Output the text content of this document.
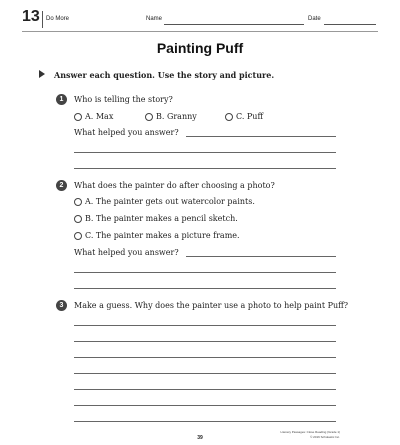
13	Do More	Name	Date
Painting Puff
Answer each question. Use the story and picture.
1	Who is telling the story?
A. Max	B. Granny	C. Puff
What helped you answer?
2	What does the painter do after choosing a photo?
A. The painter gets out watercolor paints.
B. The painter makes a pencil sketch.
C. The painter makes a picture frame.
What helped you answer?
3	Make a guess. Why does the painter use a photo to help paint Puff?
39
Literacy Passages: Close Reading (Grade 1)
© 2016 Scholastic Inc.
